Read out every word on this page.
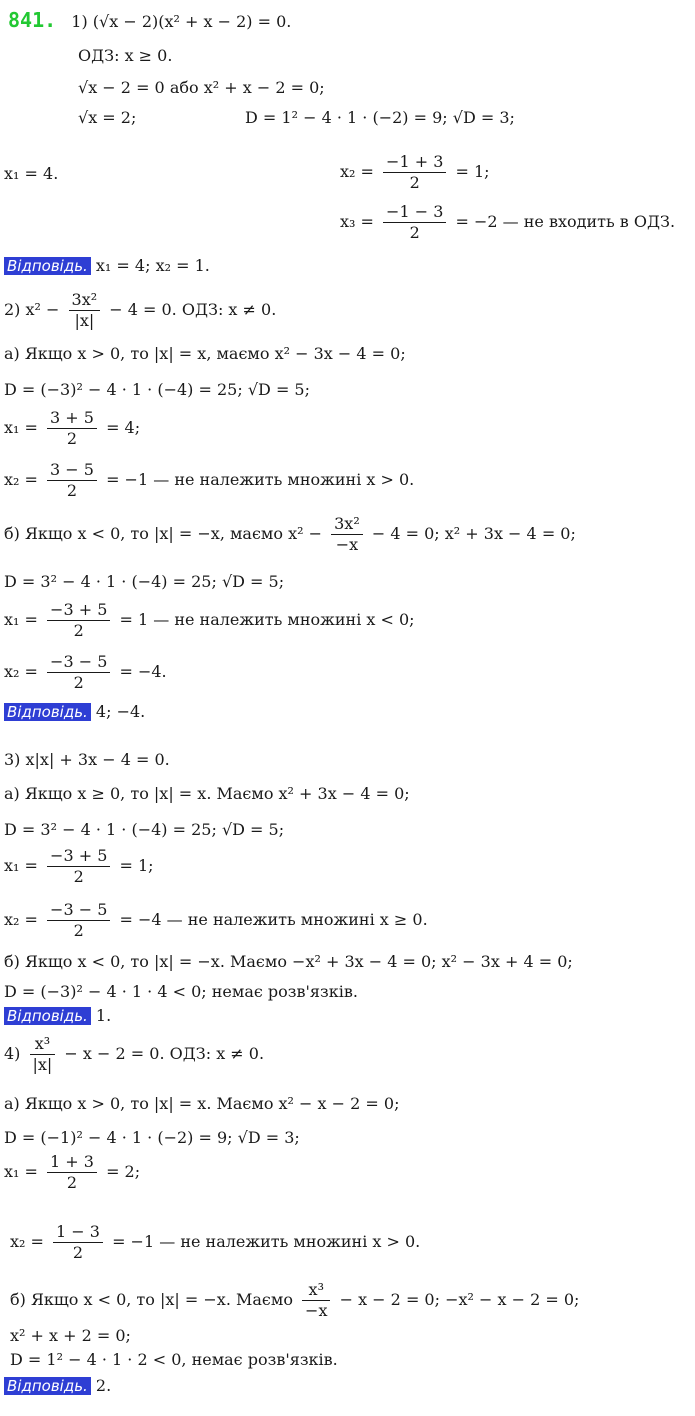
841. 1) (√x − 2)(x² + x − 2) = 0.
ОДЗ: x ≥ 0.
√x − 2 = 0 або x² + x − 2 = 0;
√x = 2;	D = 1² − 4 · 1 · (−2) = 9; √D = 3;
x₁ = 4.	$x_2 = \frac{-1 + 3}{2} = 1$;
$x_3 = \frac{-1 - 3}{2} = -2$ — не входить в ОДЗ.
Відповідь. x₁ = 4; x₂ = 1.
2) $x^2 - \frac{\text{3x²}}{|x|} - 4 = 0$. ОДЗ: x ≠ 0.
а) Якщо x > 0, то |x| = x, маємо x² − 3x − 4 = 0;
D = (−3)² − 4 · 1 · (−4) = 25; √D = 5;
$x_1 = \frac{3 + 5}{2} = 4$;
$x_2 = \frac{3 - 5}{2} = -1$ — не належить множині x > 0.
б) Якщо x < 0, то |x| = −x, маємо $x^2 - \frac{\text{3x²}}{-x} - 4 = 0$; x² + 3x − 4 = 0;
D = 3² − 4 · 1 · (−4) = 25; √D = 5;
$x_1 = \frac{-3 + 5}{2} = 1$ — не належить множині x < 0;
$x_2 = \frac{-3 - 5}{2} = -4$.
Відповідь. 4; −4.
3) x|x| + 3x − 4 = 0.
а) Якщо x ≥ 0, то |x| = x. Маємо x² + 3x − 4 = 0;
D = 3² − 4 · 1 · (−4) = 25; √D = 5;
$x_1 = \frac{-3 + 5}{2} = 1$;
$x_2 = \frac{-3 - 5}{2} = -4$ — не належить множині x ≥ 0.
б) Якщо x < 0, то |x| = −x. Маємо −x² + 3x − 4 = 0; x² − 3x + 4 = 0;
D = (−3)² − 4 · 1 · 4 < 0; немає розв'язків.
Відповідь. 1.
$4) \frac{\text{x³}}{|x|} - x - 2 = 0$. ОДЗ: x ≠ 0.
а) Якщо x > 0, то |x| = x. Маємо x² − x − 2 = 0;
D = (−1)² − 4 · 1 · (−2) = 9; √D = 3;
$x_1 = \frac{1 + 3}{2} = 2$;
$x_2 = \frac{1 - 3}{2} = -1$ — не належить множині x > 0.
б) Якщо x < 0, то |x| = −x. Маємо $\frac{\text{x³}}{-x} - x - 2 = 0$; −x² − x − 2 = 0;
x² + x + 2 = 0;
D = 1² − 4 · 1 · 2 < 0, немає розв'язків.
Відповідь. 2.
